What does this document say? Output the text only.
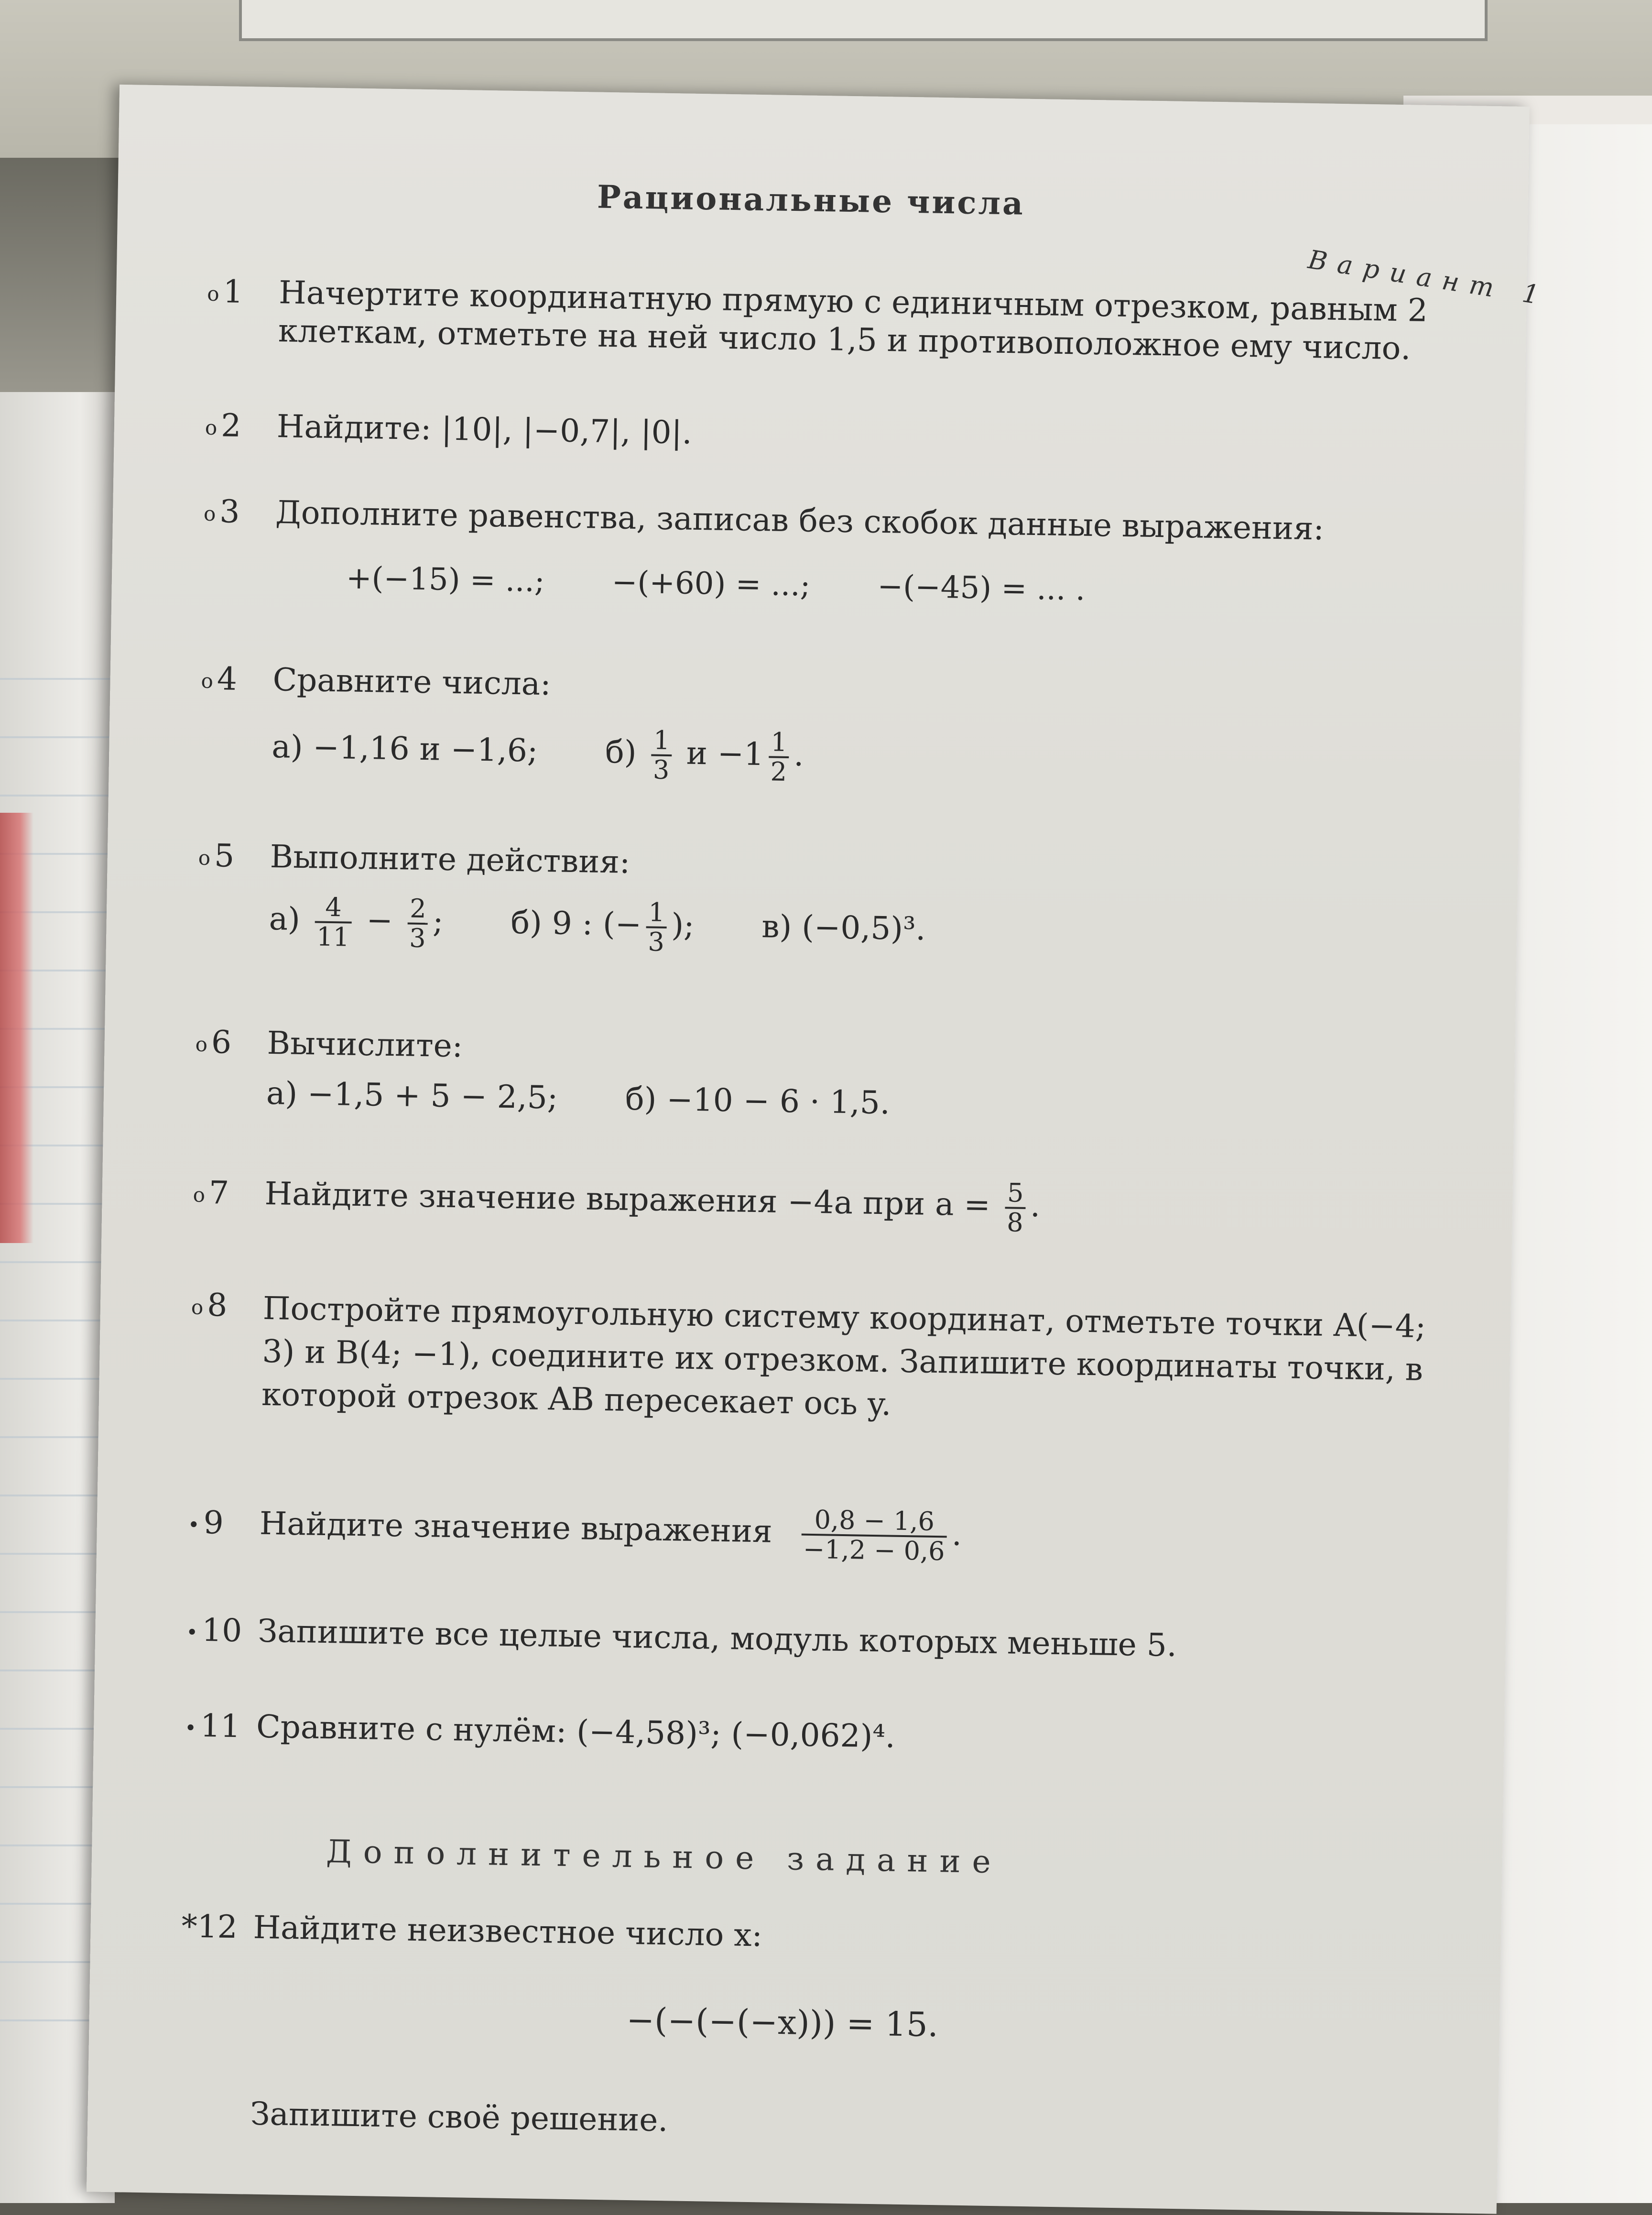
Рациональные числа
Вариант 1
о 1 Начертите координатную прямую с единичным отрезком, равным 2 клеткам, отметьте на ней число 1,5 и противоположное ему число.
о 2 Найдите: |10|, |−0,7|, |0|.
о 3 Дополните равенства, записав без скобок данные выражения:
+(−15) = ...; −(+60) = ...; −(−45) = ... .
о 4 Сравните числа:
а) −1,16 и −1,6; $б) \frac{1}{3}$ $и -1 \frac{1}{2}$ .
о 5 Выполните действия:
$а) \frac{4}{11} - \frac{2}{3}$ ; б) 9 : (− $\frac{1}{3}$ ); в) (−0,5)³.
о 6 Вычислите:
а) −1,5 + 5 − 2,5; б) −10 − 6 · 1,5.
о 7 Найдите значение выражения −4a при $a = \frac{5}{8}$ .
о 8 Постройте прямоугольную систему координат, отметьте точки A(−4; 3) и B(4; −1), соедините их отрезком. Запишите координаты точки, в которой отрезок AB пересекает ось y.
• 9 Найдите значение выражения $\frac{0,8 - 1,6}{-1,2 - 0,6}$ .
• 10 Запишите все целые числа, модуль которых меньше 5.
• 11 Сравните с нулём: (−4,58)³; (−0,062)⁴.
Дополнительное задание
*12 Найдите неизвестное число x:
−(−(−(−x))) = 15.
Запишите своё решение.
